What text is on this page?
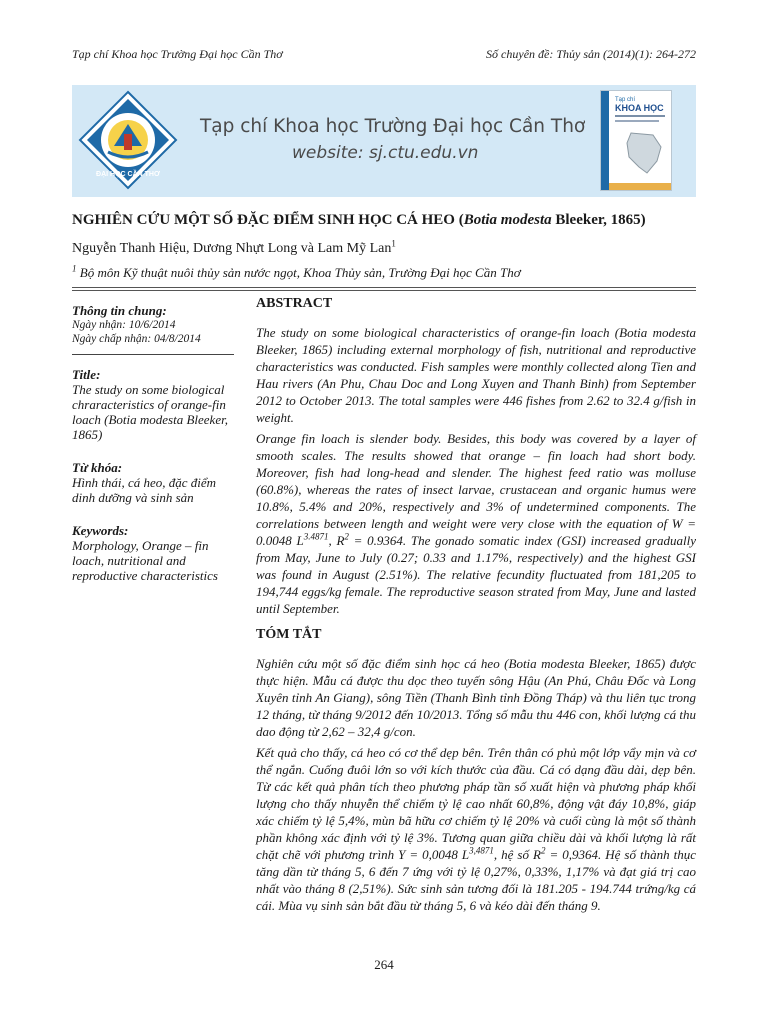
Tạp chí Khoa học Trường Đại học Cần Thơ	Số chuyên đề: Thủy sản (2014)(1): 264-272
ĐẠI HỌC CẦN THƠ
Tạp chí Khoa học Trường Đại học Cần Thơ
website: sj.ctu.edu.vn
Tạp chí
KHOA HỌC
NGHIÊN CỨU MỘT SỐ ĐẶC ĐIỂM SINH HỌC CÁ HEO (Botia modesta Bleeker, 1865)
Nguyễn Thanh Hiệu, Dương Nhựt Long và Lam Mỹ Lan$^1$
$^1$ Bộ môn Kỹ thuật nuôi thủy sản nước ngọt, Khoa Thủy sản, Trường Đại học Cần Thơ
Thông tin chung:
Ngày nhận: 10/6/2014
Ngày chấp nhận: 04/8/2014
Title:
The study on some biological chraracteristics of orange-fin loach (Botia modesta Bleeker, 1865)
Từ khóa:
Hình thái, cá heo, đặc điểm dinh dưỡng và sinh sản
Keywords:
Morphology, Orange – fin loach, nutritional and reproductive characteristics
ABSTRACT

The study on some biological characteristics of orange-fin loach (Botia modesta Bleeker, 1865) including external morphology of fish, nutritional and reproductive characteristics was conducted. Fish samples were monthly collected along Tien and Hau rivers (An Phu, Chau Doc and Long Xuyen and Thanh Binh) from September 2012 to October 2013. The total samples were 446 fishes from 2.62 to 32.4 g/fish in weight.

Orange fin loach is slender body. Besides, this body was covered by a layer of smooth scales. The results showed that orange – fin loach had short body. Moreover, fish had long-head and slender. The highest feed ratio was molluse (60.8%), whereas the rates of insect larvae, crustacean and organic humus were 10.8%, 5.4% and 20%, respectively and 3% of undetermined components. The correlations between length and weight were very close with the equation of W = 0.0048 $L^{3.4871}$, $R^2 = 0.9364$. The gonado somatic index (GSI) increased gradually from May, June to July (0.27; 0.33 and 1.17%, respectively) and the highest GSI was found in August (2.51%). The relative fecundity fluctuated from 181,205 to 194,744 eggs/kg female. The reproductive season strated from May, June and lasted until September.

TÓM TẮT

Nghiên cứu một số đặc điểm sinh học cá heo (Botia modesta Bleeker, 1865) được thực hiện. Mẫu cá được thu dọc theo tuyến sông Hậu (An Phú, Châu Đốc và Long Xuyên tỉnh An Giang), sông Tiền (Thanh Bình tỉnh Đồng Tháp) và thu liên tục trong 12 tháng, từ tháng 9/2012 đến 10/2013. Tổng số mẫu thu 446 con, khối lượng cá thu dao động từ 2,62 – 32,4 g/con.

Kết quả cho thấy, cá heo có cơ thể dẹp bên. Trên thân có phủ một lớp vẩy mịn và cơ thể ngắn. Cuống đuôi lớn so với kích thước của đầu. Cá có dạng đầu dài, dẹp bên. Từ các kết quả phân tích theo phương pháp tần số xuất hiện và phương pháp khối lượng cho thấy nhuyễn thể chiếm tỷ lệ cao nhất 60,8%, động vật đáy 10,8%, giáp xác chiếm tỷ lệ 5,4%, mùn bã hữu cơ chiếm tỷ lệ 20% và cuối cùng là một số thành phần không xác định với tỷ lệ 3%. Tương quan giữa chiều dài và khối lượng là rất chặt chẽ với phương trình Y = 0,0048 $L^{3,4871}$, hệ số $R^2 = 0,9364$. Hệ số thành thục tăng dần từ tháng 5, 6 đến 7 ứng với tỷ lệ 0,27%, 0,33%, 1,17% và đạt giá trị cao nhất vào tháng 8 (2,51%). Sức sinh sản tương đối là 181.205 - 194.744 trứng/kg cá cái. Mùa vụ sinh sản bắt đầu từ tháng 5, 6 và kéo dài đến tháng 9.

264
